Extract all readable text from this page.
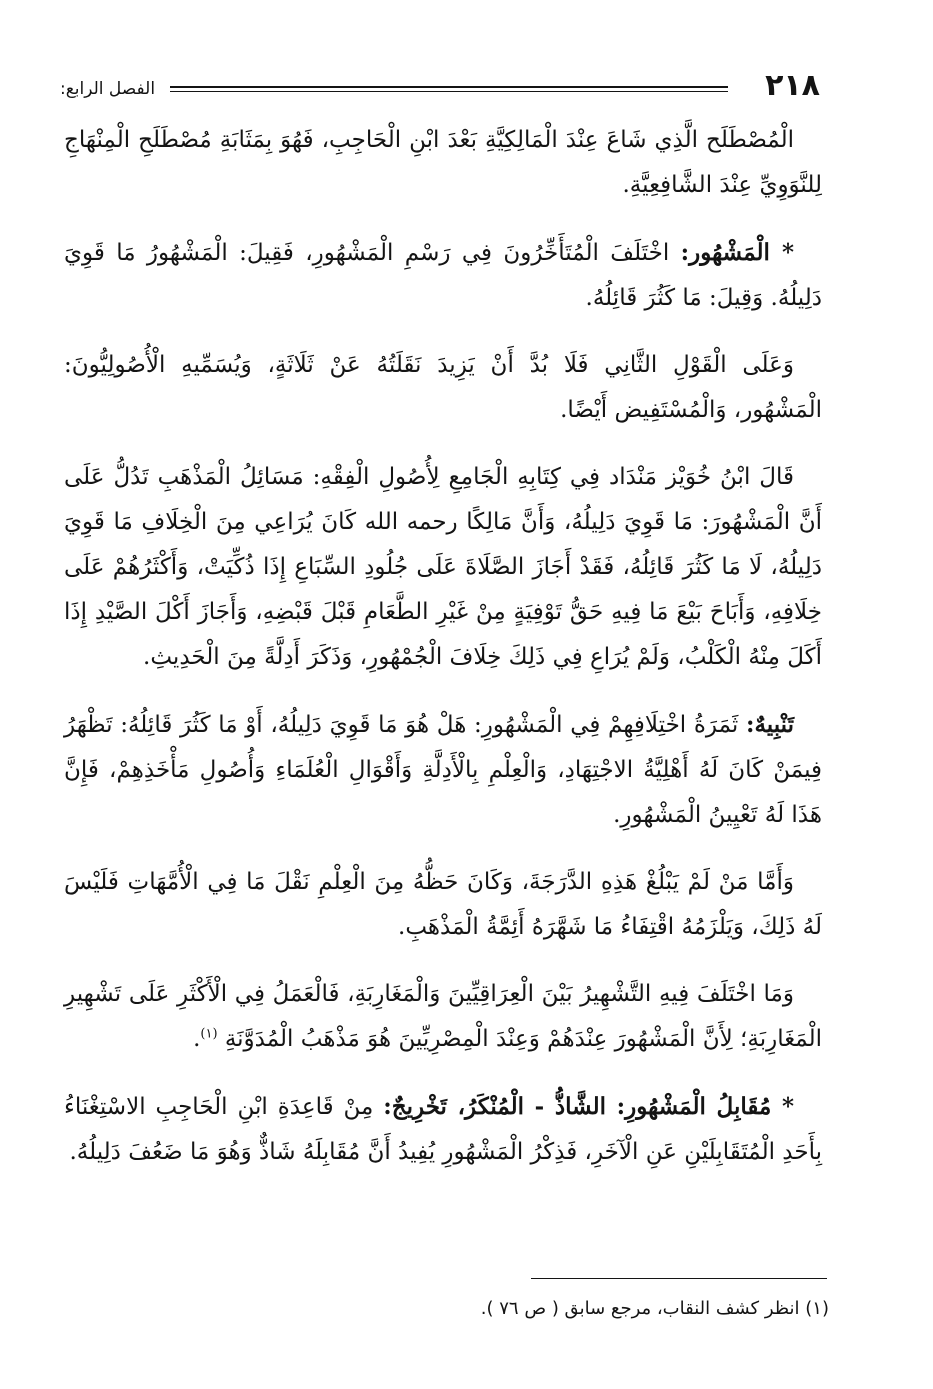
٢١٨
الفصل الرابع:

الْمُصْطَلَح الَّذِي شَاعَ عِنْدَ الْمَالِكِيَّةِ بَعْدَ ابْنِ الْحَاجِبِ، فَهُوَ بِمَثَابَةِ مُصْطَلَحِ الْمِنْهَاجِ لِلنَّوَوِيِّ عِنْدَ الشَّافِعِيَّةِ.

* الْمَشْهُور: اخْتَلَفَ الْمُتَأَخِّرُونَ فِي رَسْمِ الْمَشْهُورِ، فَقِيلَ: الْمَشْهُورُ مَا قَوِيَ دَلِيلُهُ. وَقِيلَ: مَا كَثُرَ قَائِلُهُ.

وَعَلَى الْقَوْلِ الثَّانِي فَلَا بُدَّ أَنْ يَزِيدَ نَقَلَتُهُ عَنْ ثَلَاثَةٍ، وَيُسَمِّيهِ الْأُصُولِيُّونَ: الْمَشْهُور، وَالْمُسْتَفِيض أَيْضًا.

قَالَ ابْنُ خُوَيْز مَنْدَاد فِي كِتَابِهِ الْجَامِعِ لِأُصُولِ الْفِقْهِ: مَسَائِلُ الْمَذْهَبِ تَدُلُّ عَلَى أَنَّ الْمَشْهُورَ: مَا قَوِيَ دَلِيلُهُ، وَأَنَّ مَالِكًا رحمه الله كَانَ يُرَاعِي مِنَ الْخِلَافِ مَا قَوِيَ دَلِيلُهُ، لَا مَا كَثُرَ قَائِلُهُ، فَقَدْ أَجَازَ الصَّلَاةَ عَلَى جُلُودِ السِّبَاعِ إِذَا ذُكِّيَتْ، وَأَكْثَرُهُمْ عَلَى خِلَافِهِ، وَأَبَاحَ بَيْعَ مَا فِيهِ حَقُّ تَوْفِيَةٍ مِنْ غَيْرِ الطَّعَامِ قَبْلَ قَبْضِهِ، وَأَجَازَ أَكْلَ الصَّيْدِ إِذَا أَكَلَ مِنْهُ الْكَلْبُ، وَلَمْ يُرَاعِ فِي ذَلِكَ خِلَافَ الْجُمْهُورِ، وَذَكَرَ أَدِلَّةً مِنَ الْحَدِيثِ.

تَنْبِيهٌ: ثَمَرَةُ اخْتِلَافِهِمْ فِي الْمَشْهُورِ: هَلْ هُوَ مَا قَوِيَ دَلِيلُهُ، أَوْ مَا كَثُرَ قَائِلُهُ: تَظْهَرُ فِيمَنْ كَانَ لَهُ أَهْلِيَّةُ الاجْتِهَادِ، وَالْعِلْمِ بِالْأَدِلَّةِ وَأَقْوَالِ الْعُلَمَاءِ وَأُصُولِ مَأْخَذِهِمْ، فَإِنَّ هَذَا لَهُ تَعْيِينُ الْمَشْهُورِ.

وَأَمَّا مَنْ لَمْ يَبْلُغْ هَذِهِ الدَّرَجَةَ، وَكَانَ حَظُّهُ مِنَ الْعِلْمِ نَقْلَ مَا فِي الْأُمَّهَاتِ فَلَيْسَ لَهُ ذَلِكَ، وَيَلْزَمُهُ اقْتِفَاءُ مَا شَهَّرَهُ أَئِمَّةُ الْمَذْهَبِ.

وَمَا اخْتَلَفَ فِيهِ التَّشْهِيرُ بَيْنَ الْعِرَاقِيِّينَ وَالْمَغَارِبَةِ، فَالْعَمَلُ فِي الْأَكْثَرِ عَلَى تَشْهِيرِ الْمَغَارِبَةِ؛ لِأَنَّ الْمَشْهُورَ عِنْدَهُمْ وَعِنْدَ الْمِصْرِيِّينَ هُوَ مَذْهَبُ الْمُدَوَّنَةِ $^{(١)}$.

* مُقَابِلُ الْمَشْهُورِ: الشَّاذُّ - الْمُنْكَرُ، تَخْرِيجٌ: مِنْ قَاعِدَةِ ابْنِ الْحَاجِبِ الاسْتِغْنَاءُ بِأَحَدِ الْمُتَقَابِلَيْنِ عَنِ الْآخَرِ، فَذِكْرُ الْمَشْهُورِ يُفِيدُ أَنَّ مُقَابِلَهُ شَاذٌّ وَهُوَ مَا ضَعُفَ دَلِيلُهُ.

(١) انظر كشف النقاب، مرجع سابق ( ص ٧٦ ).
